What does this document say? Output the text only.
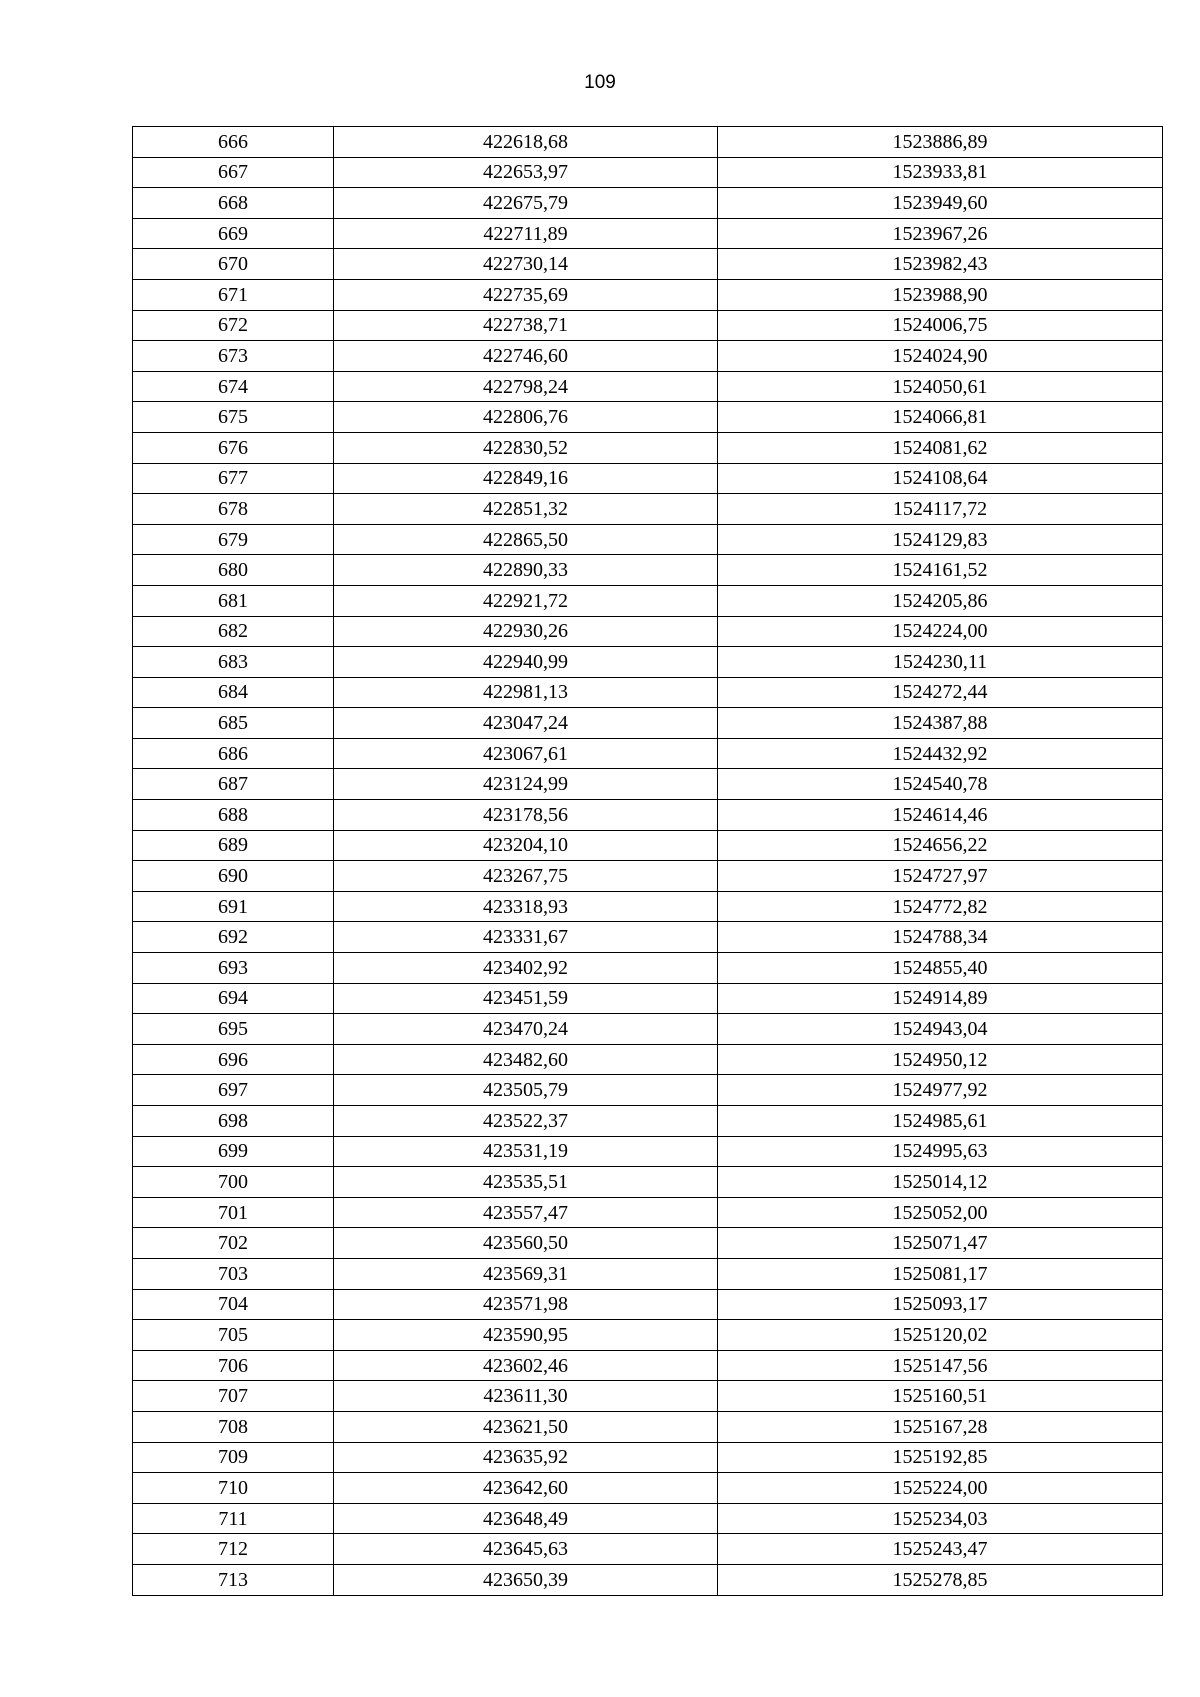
109
666	422618,68	1523886,89
667	422653,97	1523933,81
668	422675,79	1523949,60
669	422711,89	1523967,26
670	422730,14	1523982,43
671	422735,69	1523988,90
672	422738,71	1524006,75
673	422746,60	1524024,90
674	422798,24	1524050,61
675	422806,76	1524066,81
676	422830,52	1524081,62
677	422849,16	1524108,64
678	422851,32	1524117,72
679	422865,50	1524129,83
680	422890,33	1524161,52
681	422921,72	1524205,86
682	422930,26	1524224,00
683	422940,99	1524230,11
684	422981,13	1524272,44
685	423047,24	1524387,88
686	423067,61	1524432,92
687	423124,99	1524540,78
688	423178,56	1524614,46
689	423204,10	1524656,22
690	423267,75	1524727,97
691	423318,93	1524772,82
692	423331,67	1524788,34
693	423402,92	1524855,40
694	423451,59	1524914,89
695	423470,24	1524943,04
696	423482,60	1524950,12
697	423505,79	1524977,92
698	423522,37	1524985,61
699	423531,19	1524995,63
700	423535,51	1525014,12
701	423557,47	1525052,00
702	423560,50	1525071,47
703	423569,31	1525081,17
704	423571,98	1525093,17
705	423590,95	1525120,02
706	423602,46	1525147,56
707	423611,30	1525160,51
708	423621,50	1525167,28
709	423635,92	1525192,85
710	423642,60	1525224,00
711	423648,49	1525234,03
712	423645,63	1525243,47
713	423650,39	1525278,85
